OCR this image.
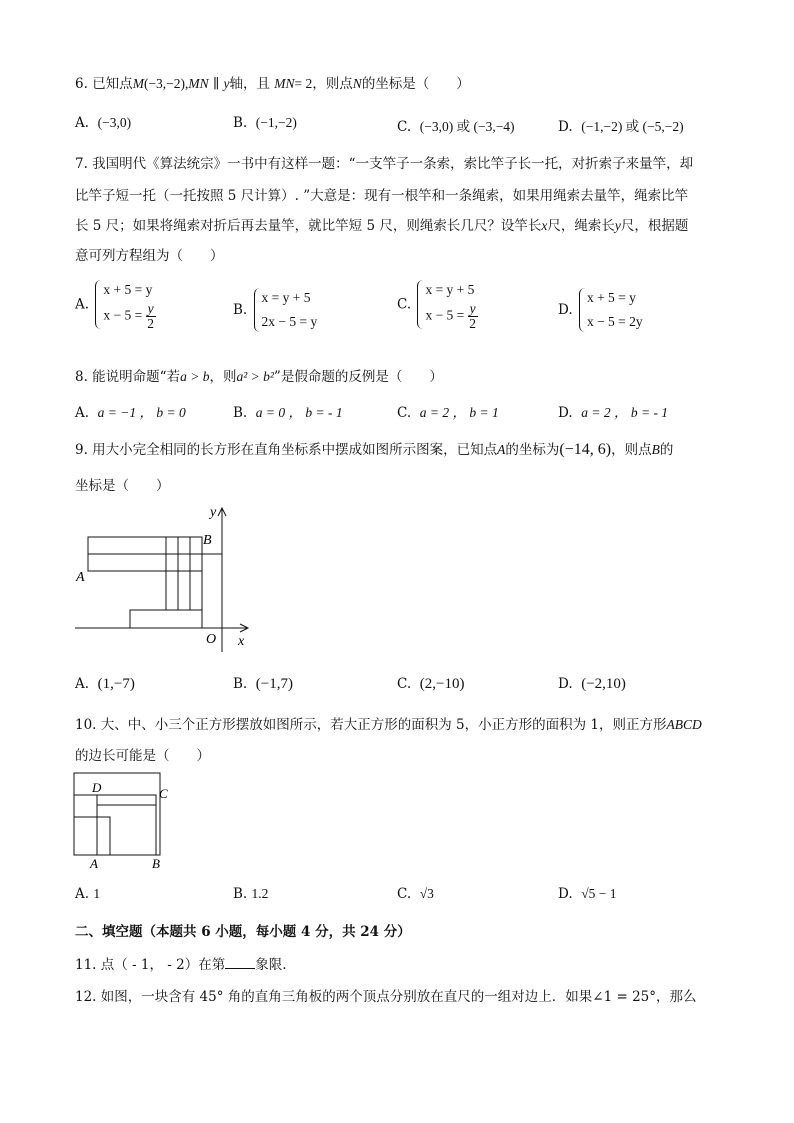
6. 已知点M(−3,−2),MN ∥ y轴，且 MN= 2，则点N的坐标是（　　）
A.  (−3,0)	B.  (−1,−2)	C.  (−3,0) 或 (−3,−4)	D.  (−1,−2) 或 (−5,−2)
7. 我国明代《算法统宗》一书中有这样一题：“一支竿子一条索，索比竿子长一托，对折索子来量竿，却
比竿子短一托（一托按照 5 尺计算）. ”大意是：现有一根竿和一条绳索，如果用绳索去量竿，绳索比竿
长 5 尺；如果将绳索对折后再去量竿，就比竿短 5 尺，则绳索长几尺？设竿长x尺，绳索长y尺，根据题
意可列方程组为（　　）
A.
x + 5 = y
$x - 5 = \frac{y}{2}$	B.
x = y + 5
2x − 5 = y
C.
x = y + 5
$x - 5 = \frac{y}{2}$	D.
x + 5 = y
x − 5 = 2y
8. 能说明命题“若a > b，则a² > b²”是假命题的反例是（　　）
A.  a = −1 ， b = 0	B.  a = 0 ， b = - 1	C.  a = 2 ， b = 1	D.  a = 2 ， b = - 1
9. 用大小完全相同的长方形在直角坐标系中摆成如图所示图案，已知点A的坐标为(−14, 6)，则点B的
坐标是（　　）
y
x
O
A
B
A.  (1,−7)	B.  (−1,7)	C.  (2,−10)	D.  (−2,10)
10. 大、中、小三个正方形摆放如图所示，若大正方形的面积为 5，小正方形的面积为 1，则正方形ABCD
的边长可能是（　　）
D	C
A	B
A. 1	B. 1.2	C.  √3	D.  √5 − 1
二、填空题（本题共 6 小题，每小题 4 分，共 24 分）
11. 点（ - 1， - 2）在第 象限.
12. 如图，一块含有 45° 角的直角三角板的两个顶点分别放在直尺的一组对边上．如果∠1 = 25°，那么
